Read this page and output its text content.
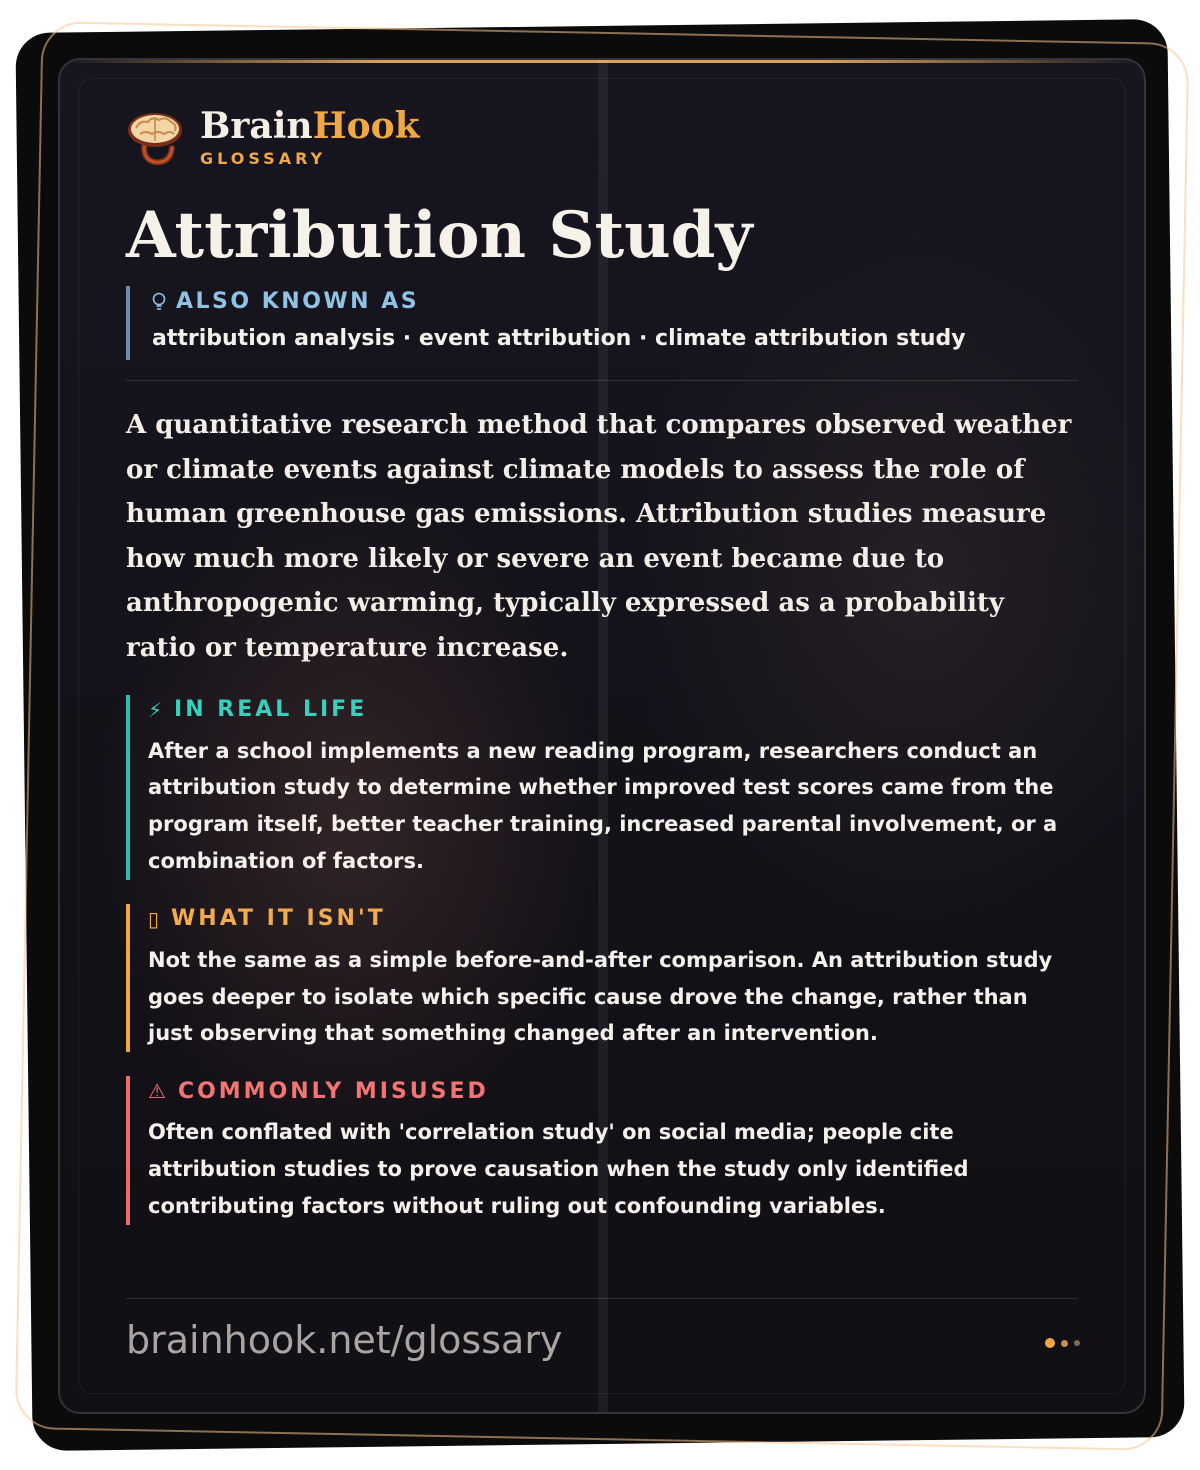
BrainHook
GLOSSARY
Attribution Study
ALSO KNOWN AS
attribution analysis · event attribution · climate attribution study
A quantitative research method that compares observed weather or climate events against climate models to assess the role of human greenhouse gas emissions. Attribution studies measure how much more likely or severe an event became due to anthropogenic warming, typically expressed as a probability ratio or temperature increase.
⚡ IN REAL LIFE
After a school implements a new reading program, researchers conduct an attribution study to determine whether improved test scores came from the program itself, better teacher training, increased parental involvement, or a combination of factors.
▯ WHAT IT ISN'T
Not the same as a simple before-and-after comparison. An attribution study goes deeper to isolate which specific cause drove the change, rather than just observing that something changed after an intervention.
⚠ COMMONLY MISUSED
Often conflated with 'correlation study' on social media; people cite attribution studies to prove causation when the study only identified contributing factors without ruling out confounding variables.
brainhook.net/glossary
